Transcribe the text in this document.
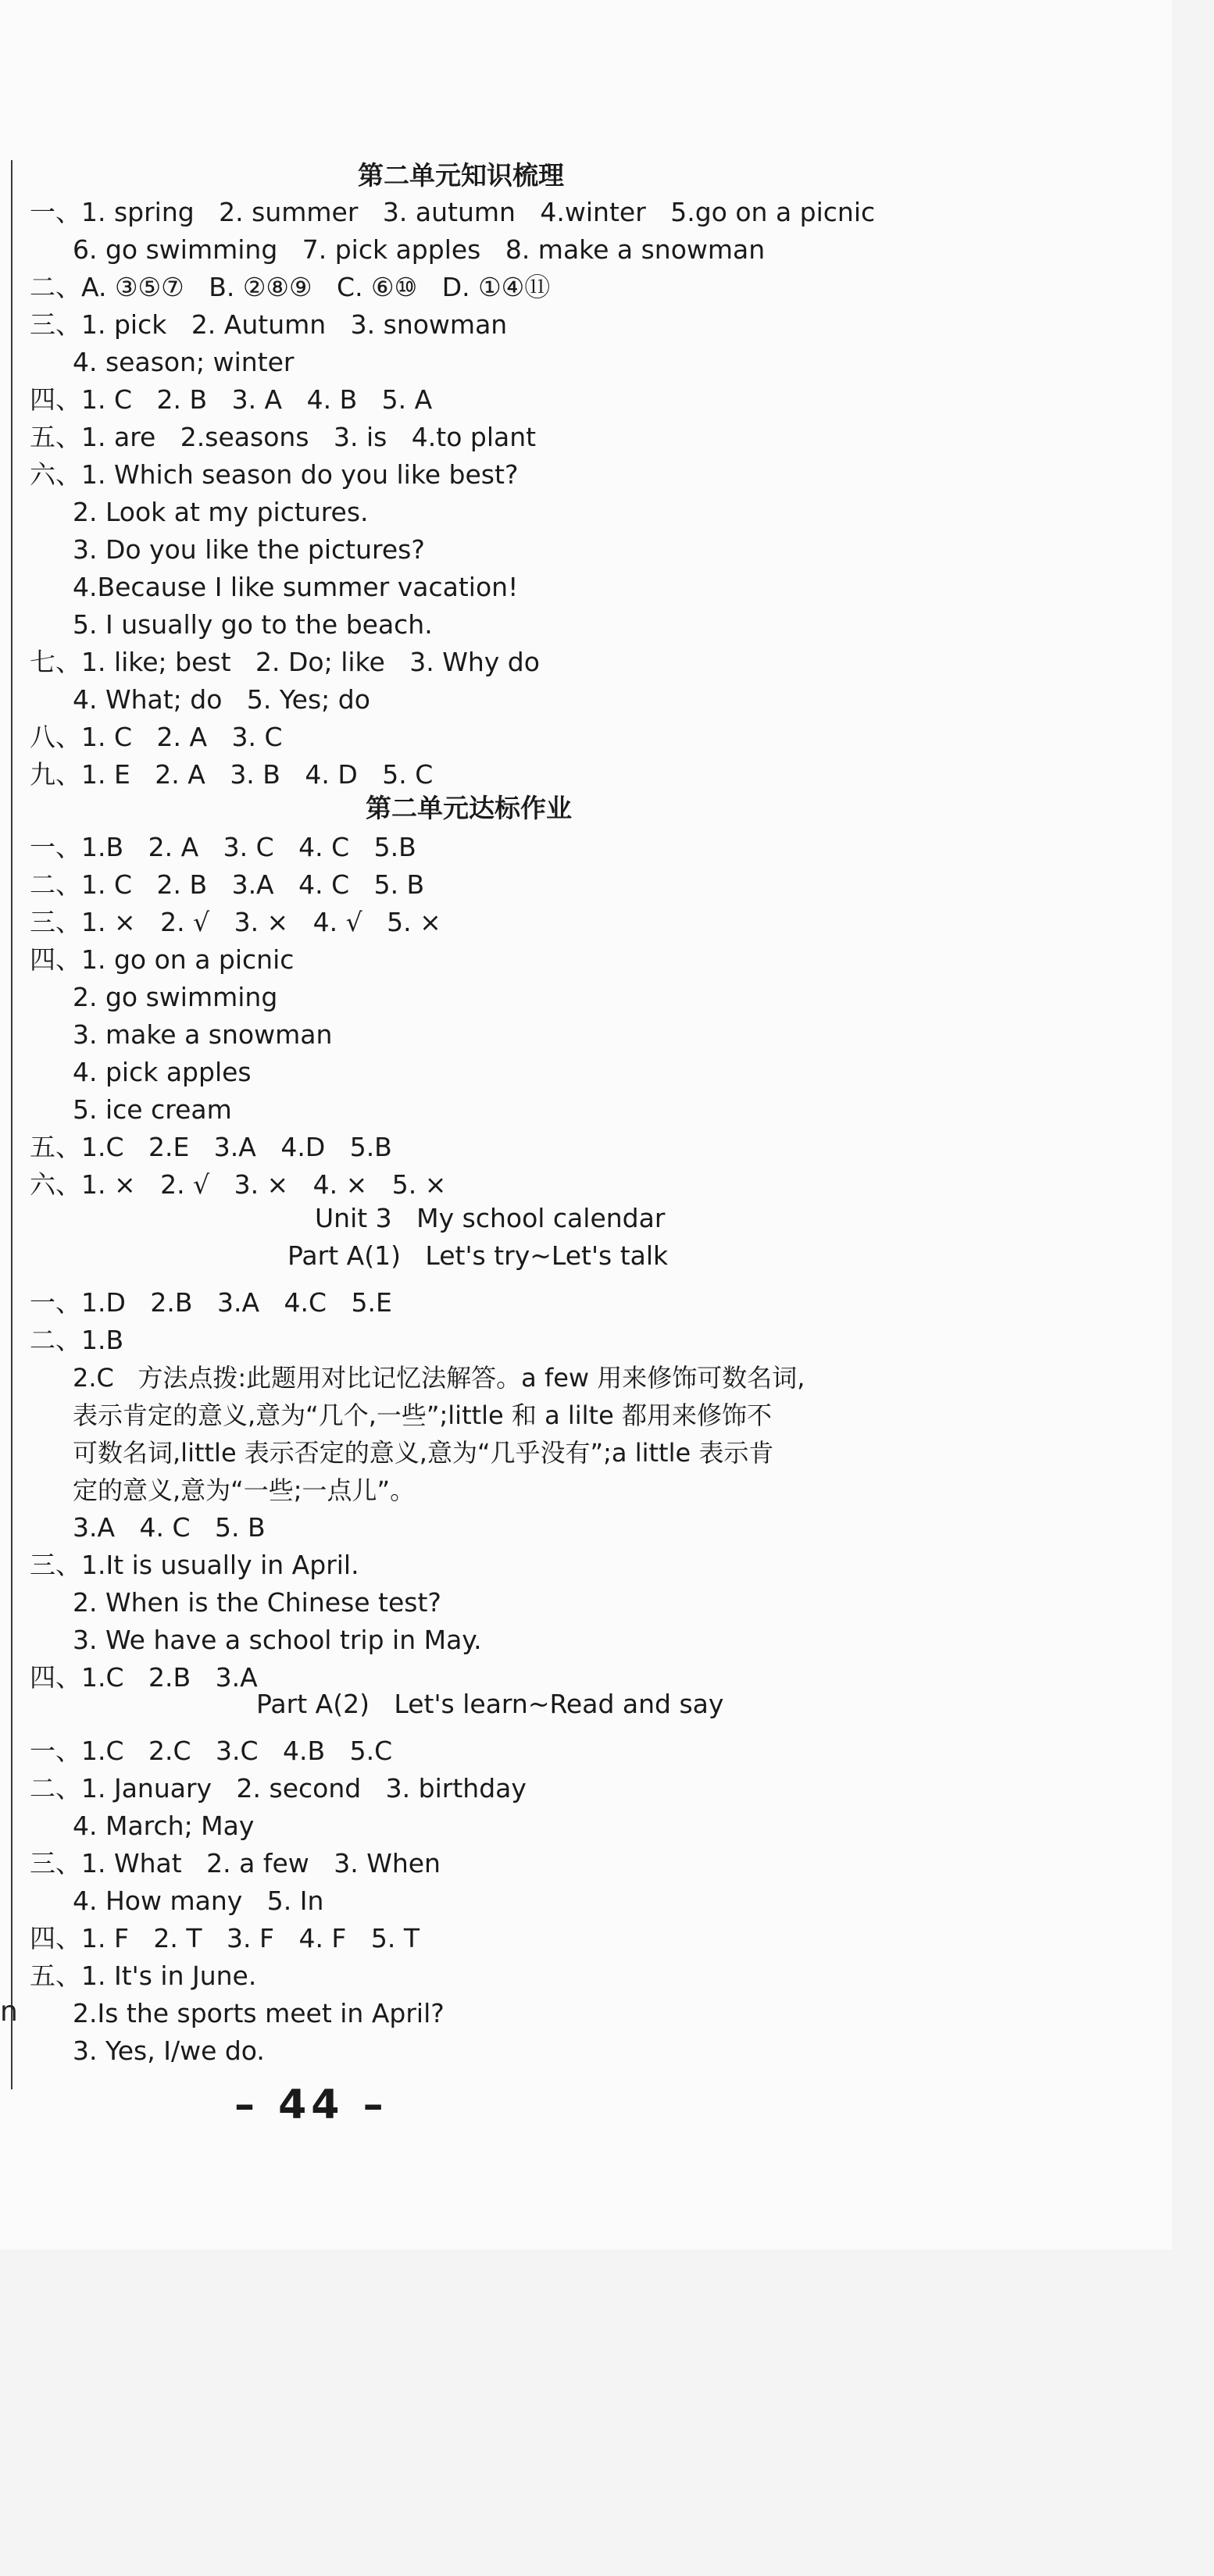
n
第二单元知识梳理
一、1. spring   2. summer   3. autumn   4.winter   5.go on a picnic
6. go swimming   7. pick apples   8. make a snowman
二、A. ③⑤⑦   B. ②⑧⑨   C. ⑥⑩   D. ①④⑪
三、1. pick   2. Autumn   3. snowman
4. season; winter
四、1. C   2. B   3. A   4. B   5. A
五、1. are   2.seasons   3. is   4.to plant
六、1. Which season do you like best?
2. Look at my pictures.
3. Do you like the pictures?
4.Because I like summer vacation!
5. I usually go to the beach.
七、1. like; best   2. Do; like   3. Why do
4. What; do   5. Yes; do
八、1. C   2. A   3. C
九、1. E   2. A   3. B   4. D   5. C
第二单元达标作业
一、1.B   2. A   3. C   4. C   5.B
二、1. C   2. B   3.A   4. C   5. B
三、1. ×   2. √   3. ×   4. √   5. ×
四、1. go on a picnic
2. go swimming
3. make a snowman
4. pick apples
5. ice cream
五、1.C   2.E   3.A   4.D   5.B
六、1. ×   2. √   3. ×   4. ×   5. ×
Unit 3   My school calendar
Part A(1)   Let's try~Let's talk
一、1.D   2.B   3.A   4.C   5.E
二、1.B
2.C   方法点拨:此题用对比记忆法解答。a few 用来修饰可数名词,
表示肯定的意义,意为“几个,一些”;little 和 a lilte 都用来修饰不
可数名词,little 表示否定的意义,意为“几乎没有”;a little 表示肯
定的意义,意为“一些;一点儿”。
3.A   4. C   5. B
三、1.It is usually in April.
2. When is the Chinese test?
3. We have a school trip in May.
四、1.C   2.B   3.A
Part A(2)   Let's learn~Read and say
一、1.C   2.C   3.C   4.B   5.C
二、1. January   2. second   3. birthday
4. March; May
三、1. What   2. a few   3. When
4. How many   5. In
四、1. F   2. T   3. F   4. F   5. T
五、1. It's in June.
2.Is the sports meet in April?
3. Yes, I/we do.
– 44 –
